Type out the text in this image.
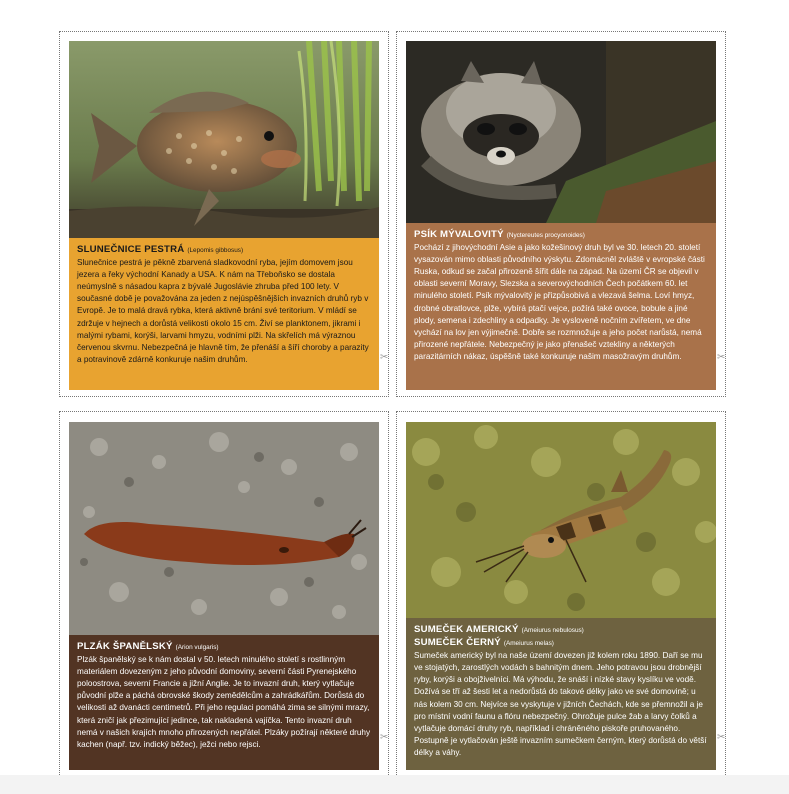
SLUNEČNICE PESTRÁ (Lepomis gibbosus)
Slunečnice pestrá je pěkně zbarvená sladkovodní ryba, jejím domovem jsou jezera a řeky východní Kanady a USA. K nám na Třeboňsko se dostala neúmyslně s násadou kapra z bývalé Jugoslávie zhruba před 100 lety. V současné době je považována za jeden z nejúspěšnějších invazních druhů ryb v Evropě. Je to malá dravá rybka, která aktivně brání své teritorium. V mládí se zdržuje v hejnech a dorůstá velikosti okolo 15 cm. Živí se planktonem, jikrami i malými rybami, korýši, larvami hmyzu, vodními plži. Na skřelích má výraznou červenou skvrnu. Nebezpečná je hlavně tím, že přenáší a šíří choroby a parazity a potravinově zdárně konkuruje našim druhům.	✂
PSÍK MÝVALOVITÝ (Nyctereutes procyonoides)
Pochází z jihovýchodní Asie a jako kožešinový druh byl ve 30. letech 20. století vysazován mimo oblasti původního výskytu. Zdomácněl zvláště v evropské části Ruska, odkud se začal přirozeně šířit dále na západ. Na území ČR se objevil v oblasti severní Moravy, Slezska a severovýchodních Čech počátkem 60. let minulého století. Psík mývalovitý je přizpůsobivá a vlezavá šelma. Loví hmyz, drobné obratlovce, plže, vybírá ptačí vejce, požírá také ovoce, bobule a jiné plody, semena i zdechliny a odpadky. Je vysloveně nočním zvířetem, ve dne vychází na lov jen výjimečně. Dobře se rozmnožuje a jeho počet narůstá, nemá přirozené nepřátele. Nebezpečný je jako přenašeč vztekliny a některých parazitárních nákaz, úspěšně také konkuruje našim masožravým druhům.	✂
PLZÁK ŠPANĚLSKÝ (Arion vulgaris)
Plzák španělský se k nám dostal v 50. letech minulého století s rostlinným materiálem dovezeným z jeho původní domoviny, severní části Pyrenejského poloostrova, severní Francie a jižní Anglie. Je to invazní druh, který vytlačuje původní plže a páchá obrovské škody zemědělcům a zahrádkářům. Dorůstá do velikosti až dvanácti centimetrů. Při jeho regulaci pomáhá zima se silnými mrazy, která zničí jak přezimující jedince, tak nakladená vajíčka. Tento invazní druh nemá v našich krajích mnoho přirozených nepřátel. Plzáky požírají některé druhy kachen (např. tzv. indický běžec), ježci nebo rejsci.
✂
SUMEČEK AMERICKÝ (Ameiurus nebulosus)
SUMEČEK ČERNÝ (Ameiurus melas)
Sumeček americký byl na naše území dovezen již kolem roku 1890. Daří se mu ve stojatých, zarostlých vodách s bahnitým dnem. Jeho potravou jsou drobnější ryby, korýši a obojživelníci. Má výhodu, že snáší i nízké stavy kyslíku ve vodě. Dožívá se tří až šesti let a nedorůstá do takové délky jako ve své domovině; u nás kolem 30 cm. Nejvíce se vyskytuje v jižních Čechách, kde se přemnožil a je pro místní vodní faunu a flóru nebezpečný. Ohrožuje pulce žab a larvy čolků a vytlačuje domácí druhy ryb, například i chráněného piskoře pruhovaného. Postupně je vytlačován ještě invazním sumečkem černým, který dorůstá do větší délky a váhy.
✂
